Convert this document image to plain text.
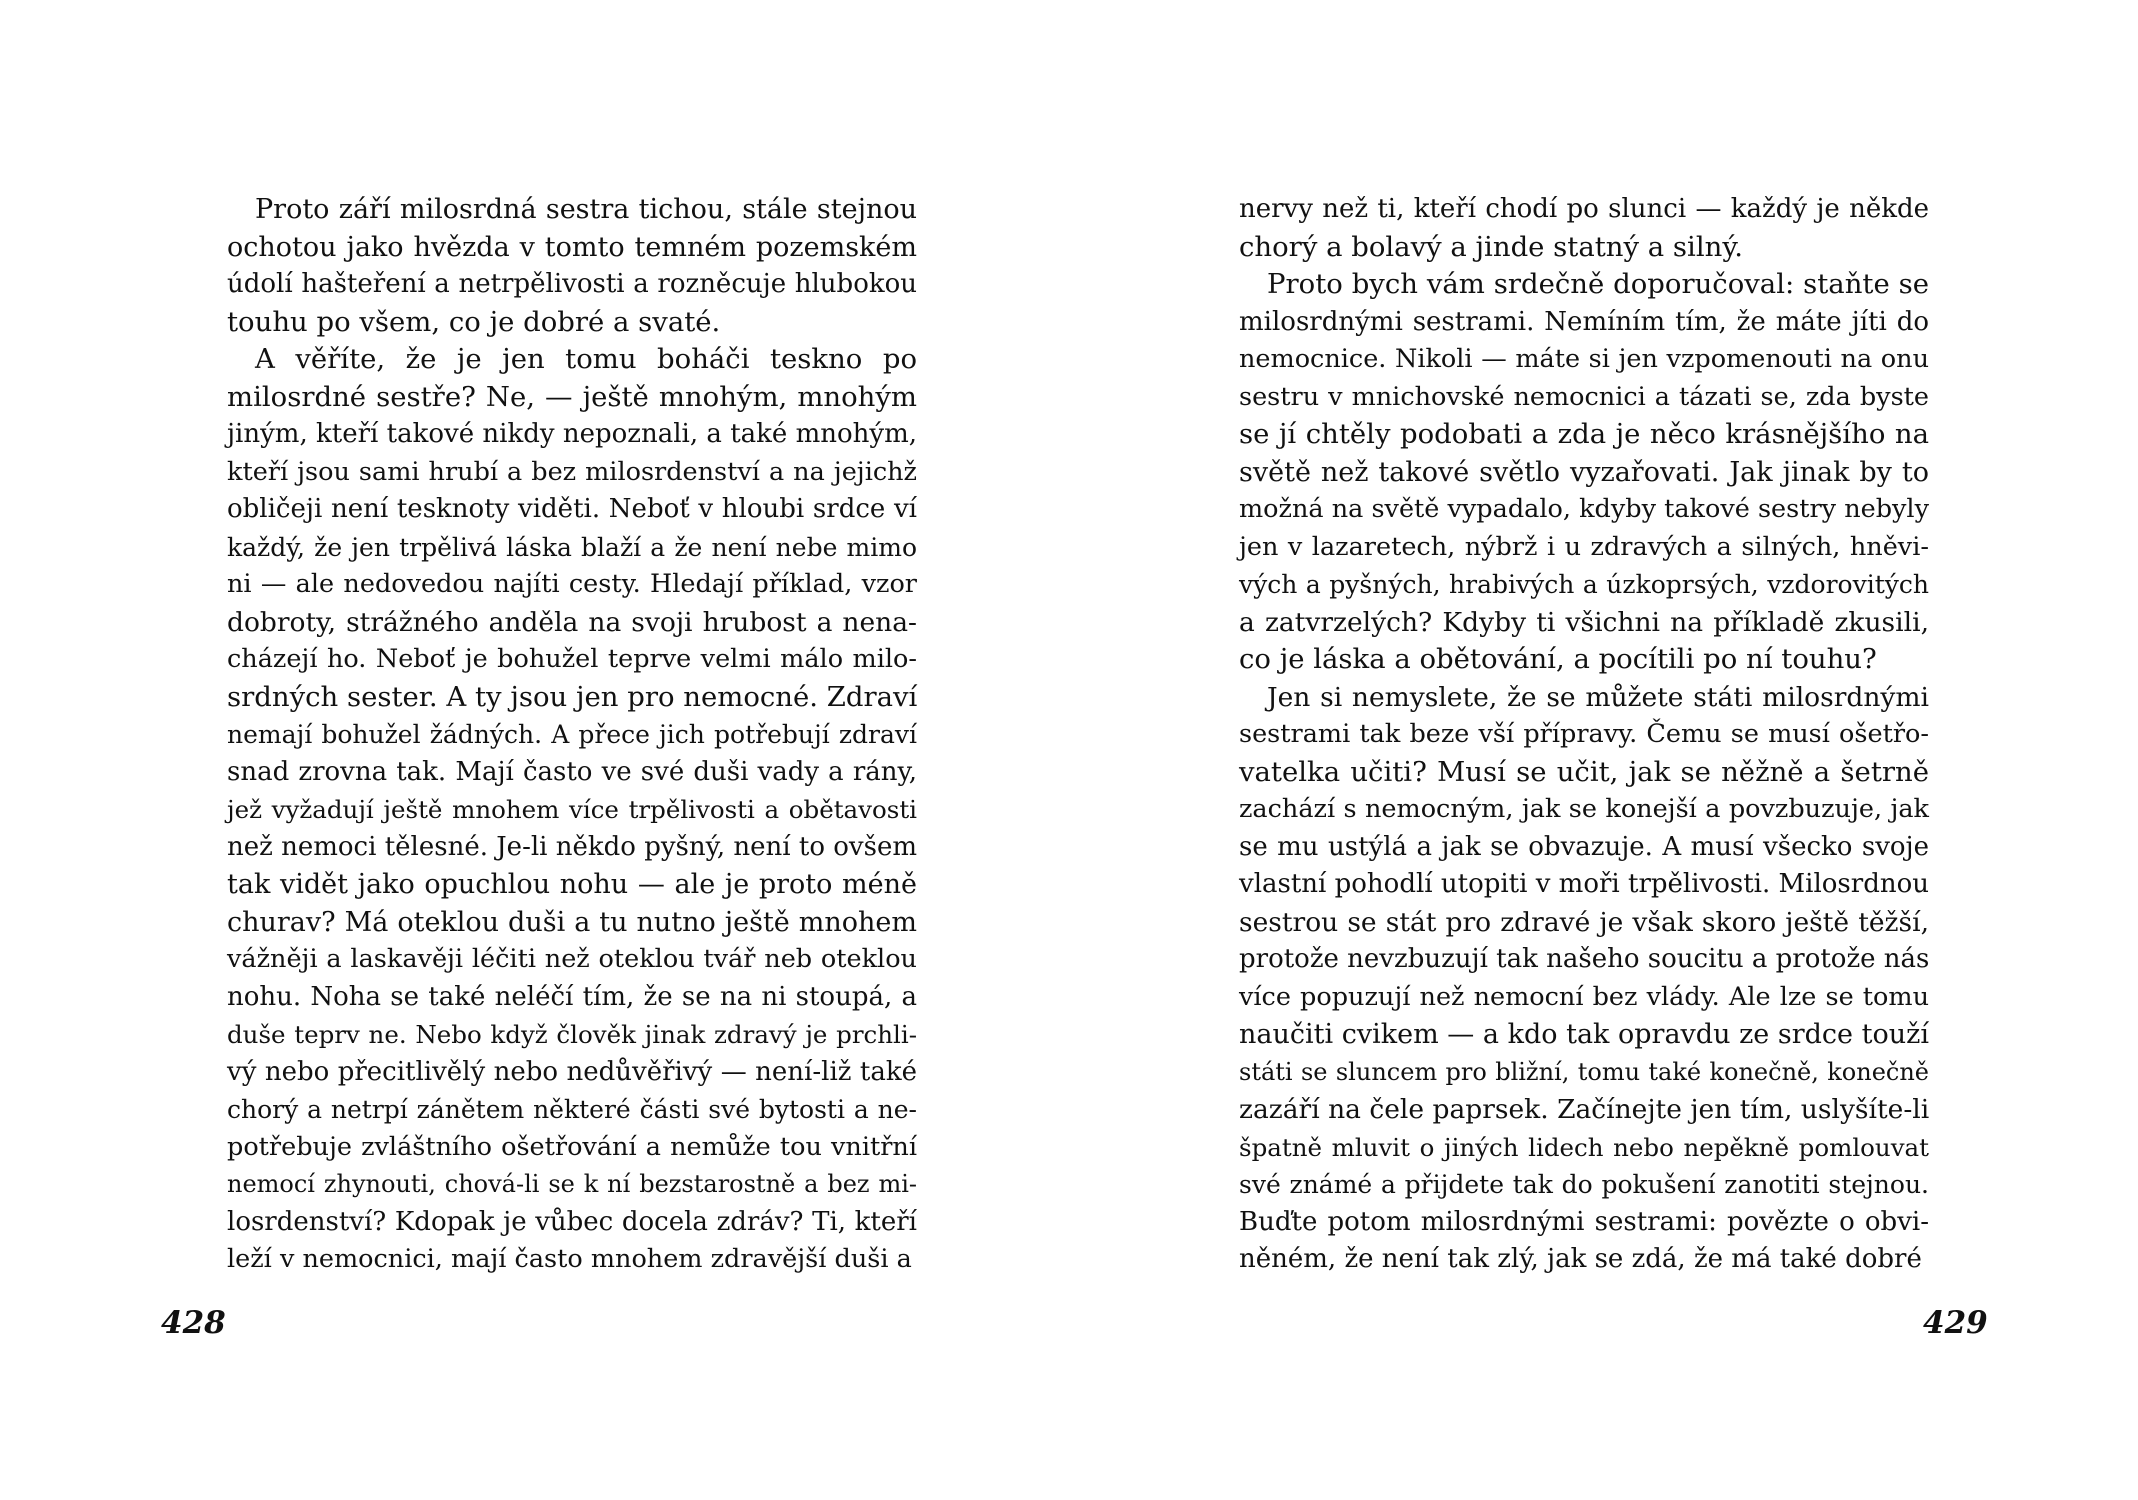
Proto září milosrdná sestra tichou, stále stejnou
ochotou jako hvězda v tomto temném pozemském
údolí hašteření a netrpělivosti a rozněcuje hlubokou
touhu po všem, co je dobré a svaté.
A věříte, že je jen tomu boháči teskno po
milosrdné sestře? Ne, — ještě mnohým, mnohým
jiným, kteří takové nikdy nepoznali, a také mnohým,
kteří jsou sami hrubí a bez milosrdenství a na jejichž
obličeji není tesknoty viděti. Neboť v hloubi srdce ví
každý, že jen trpělivá láska blaží a že není nebe mimo
ni — ale nedovedou najíti cesty. Hledají příklad, vzor
dobroty, strážného anděla na svoji hrubost a nena-
cházejí ho. Neboť je bohužel teprve velmi málo milo-
srdných sester. A ty jsou jen pro nemocné. Zdraví
nemají bohužel žádných. A přece jich potřebují zdraví
snad zrovna tak. Mají často ve své duši vady a rány,
jež vyžadují ještě mnohem více trpělivosti a obětavosti
než nemoci tělesné. Je-li někdo pyšný, není to ovšem
tak vidět jako opuchlou nohu — ale je proto méně
churav? Má oteklou duši a tu nutno ještě mnohem
vážněji a laskavěji léčiti než oteklou tvář neb oteklou
nohu. Noha se také neléčí tím, že se na ni stoupá, a
duše teprv ne. Nebo když člověk jinak zdravý je prchli-
vý nebo přecitlivělý nebo nedůvěřivý — není-liž také
chorý a netrpí zánětem některé části své bytosti a ne-
potřebuje zvláštního ošetřování a nemůže tou vnitřní
nemocí zhynouti, chová-li se k ní bezstarostně a bez mi-
losrdenství? Kdopak je vůbec docela zdráv? Ti, kteří
leží v nemocnici, mají často mnohem zdravější duši a
428
nervy než ti, kteří chodí po slunci — každý je někde
chorý a bolavý a jinde statný a silný.
Proto bych vám srdečně doporučoval: staňte se
milosrdnými sestrami. Nemíním tím, že máte jíti do
nemocnice. Nikoli — máte si jen vzpomenouti na onu
sestru v mnichovské nemocnici a tázati se, zda byste
se jí chtěly podobati a zda je něco krásnějšího na
světě než takové světlo vyzařovati. Jak jinak by to
možná na světě vypadalo, kdyby takové sestry nebyly
jen v lazaretech, nýbrž i u zdravých a silných, hněvi-
vých a pyšných, hrabivých a úzkoprsých, vzdorovitých
a zatvrzelých? Kdyby ti všichni na příkladě zkusili,
co je láska a obětování, a pocítili po ní touhu?
Jen si nemyslete, že se můžete státi milosrdnými
sestrami tak beze vší přípravy. Čemu se musí ošetřo-
vatelka učiti? Musí se učit, jak se něžně a šetrně
zachází s nemocným, jak se konejší a povzbuzuje, jak
se mu ustýlá a jak se obvazuje. A musí všecko svoje
vlastní pohodlí utopiti v moři trpělivosti. Milosrdnou
sestrou se stát pro zdravé je však skoro ještě těžší,
protože nevzbuzují tak našeho soucitu a protože nás
více popuzují než nemocní bez vlády. Ale lze se tomu
naučiti cvikem — a kdo tak opravdu ze srdce touží
státi se sluncem pro bližní, tomu také konečně, konečně
zazáří na čele paprsek. Začínejte jen tím, uslyšíte-li
špatně mluvit o jiných lidech nebo nepěkně pomlouvat
své známé a přijdete tak do pokušení zanotiti stejnou.
Buďte potom milosrdnými sestrami: povězte o obvi-
něném, že není tak zlý, jak se zdá, že má také dobré
429
